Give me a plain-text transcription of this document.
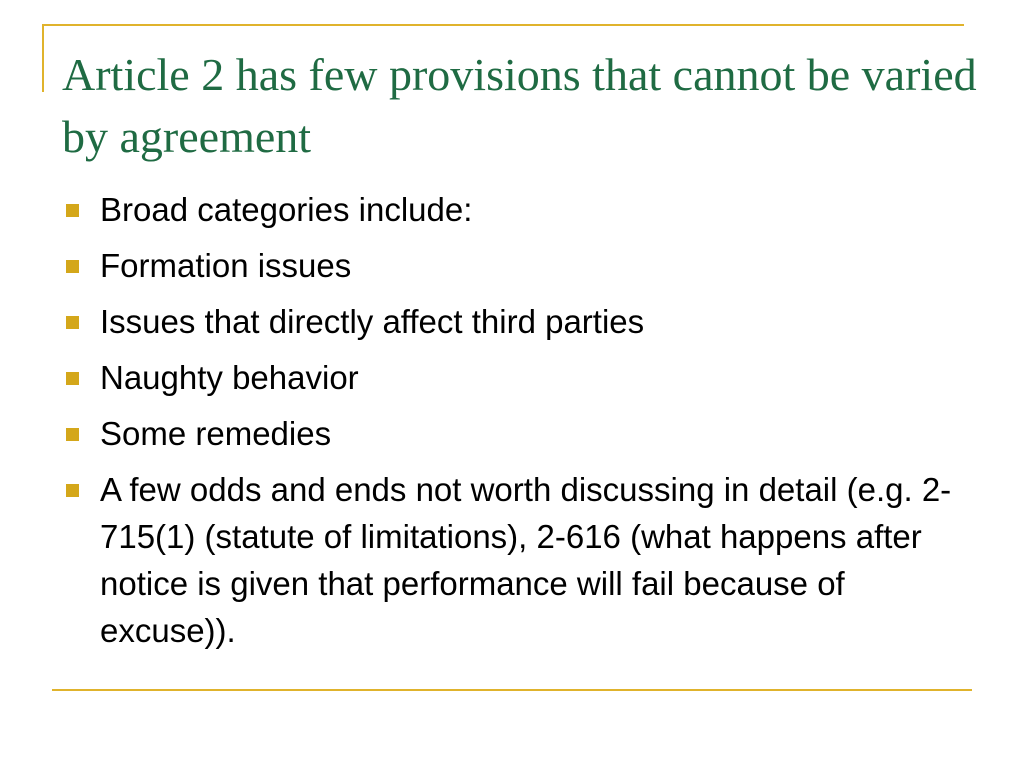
Article 2 has few provisions that cannot be varied by agreement
Broad categories include:
Formation issues
Issues that directly affect third parties
Naughty behavior
Some remedies
A few odds and ends not worth discussing in detail (e.g. 2-715(1) (statute of limitations), 2-616 (what happens after notice is given that performance will fail because of excuse)).
